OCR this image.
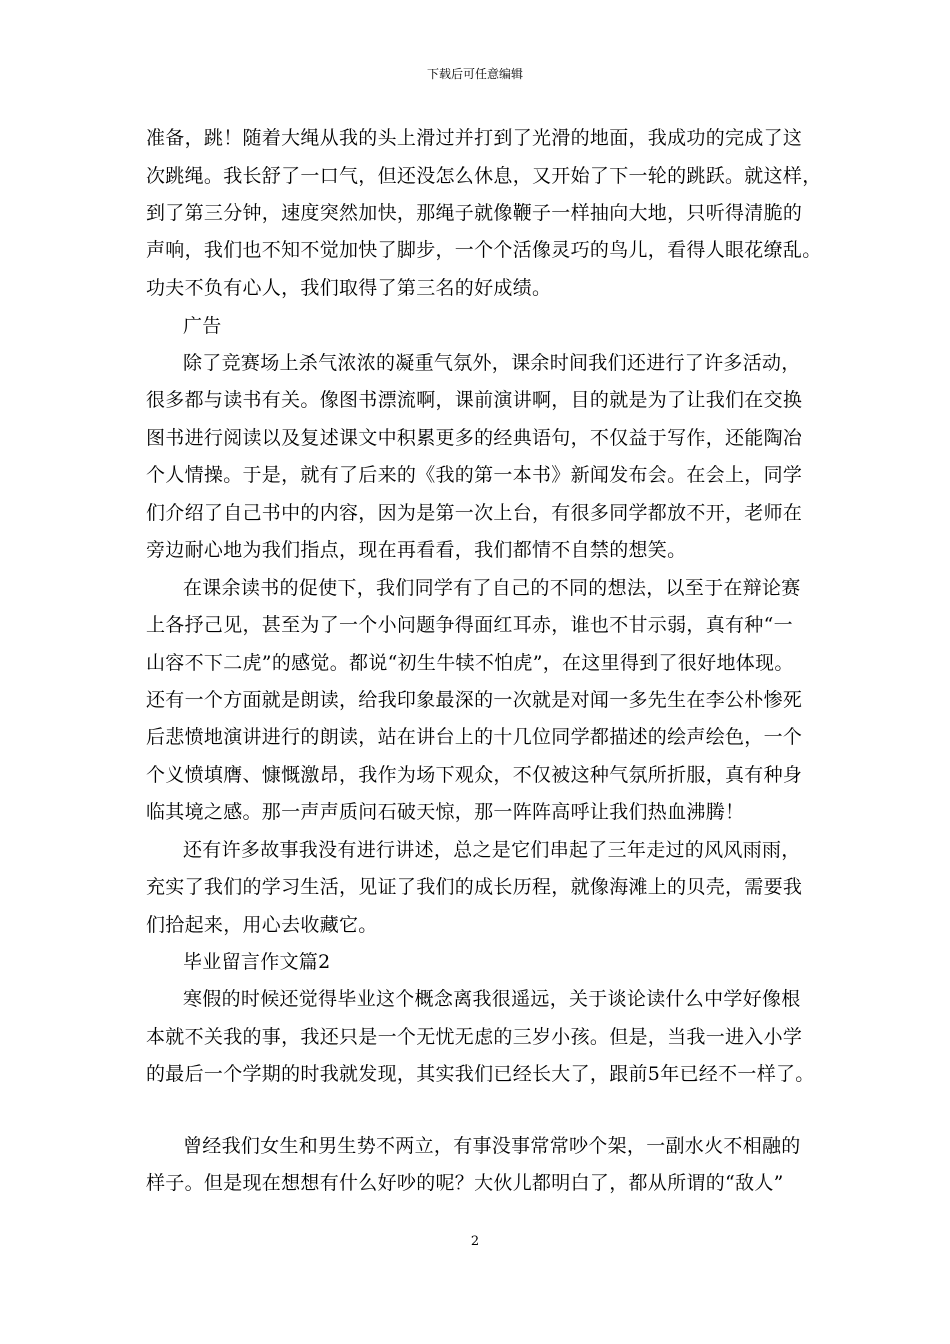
下载后可任意编辑
准备，跳！随着大绳从我的头上滑过并打到了光滑的地面，我成功的完成了这
次跳绳。我长舒了一口气，但还没怎么休息，又开始了下一轮的跳跃。就这样，
到了第三分钟，速度突然加快，那绳子就像鞭子一样抽向大地，只听得清脆的
声响，我们也不知不觉加快了脚步，一个个活像灵巧的鸟儿，看得人眼花缭乱。
功夫不负有心人，我们取得了第三名的好成绩。
广告
除了竞赛场上杀气浓浓的凝重气氛外，课余时间我们还进行了许多活动，
很多都与读书有关。像图书漂流啊，课前演讲啊，目的就是为了让我们在交换
图书进行阅读以及复述课文中积累更多的经典语句，不仅益于写作，还能陶冶
个人情操。于是，就有了后来的《我的第一本书》新闻发布会。在会上，同学
们介绍了自己书中的内容，因为是第一次上台，有很多同学都放不开，老师在
旁边耐心地为我们指点，现在再看看，我们都情不自禁的想笑。
在课余读书的促使下，我们同学有了自己的不同的想法，以至于在辩论赛
上各抒己见，甚至为了一个小问题争得面红耳赤，谁也不甘示弱，真有种“一
山容不下二虎”的感觉。都说“初生牛犊不怕虎”，在这里得到了很好地体现。
还有一个方面就是朗读，给我印象最深的一次就是对闻一多先生在李公朴惨死
后悲愤地演讲进行的朗读，站在讲台上的十几位同学都描述的绘声绘色，一个
个义愤填膺、慷慨激昂，我作为场下观众，不仅被这种气氛所折服，真有种身
临其境之感。那一声声质问石破天惊，那一阵阵高呼让我们热血沸腾！
还有许多故事我没有进行讲述，总之是它们串起了三年走过的风风雨雨，
充实了我们的学习生活，见证了我们的成长历程，就像海滩上的贝壳，需要我
们拾起来，用心去收藏它。
毕业留言作文篇2
寒假的时候还觉得毕业这个概念离我很遥远，关于谈论读什么中学好像根
本就不关我的事，我还只是一个无忧无虑的三岁小孩。但是，当我一进入小学
的最后一个学期的时我就发现，其实我们已经长大了，跟前5年已经不一样了。
曾经我们女生和男生势不两立，有事没事常常吵个架，一副水火不相融的
样子。但是现在想想有什么好吵的呢？大伙儿都明白了，都从所谓的“敌人”
2
